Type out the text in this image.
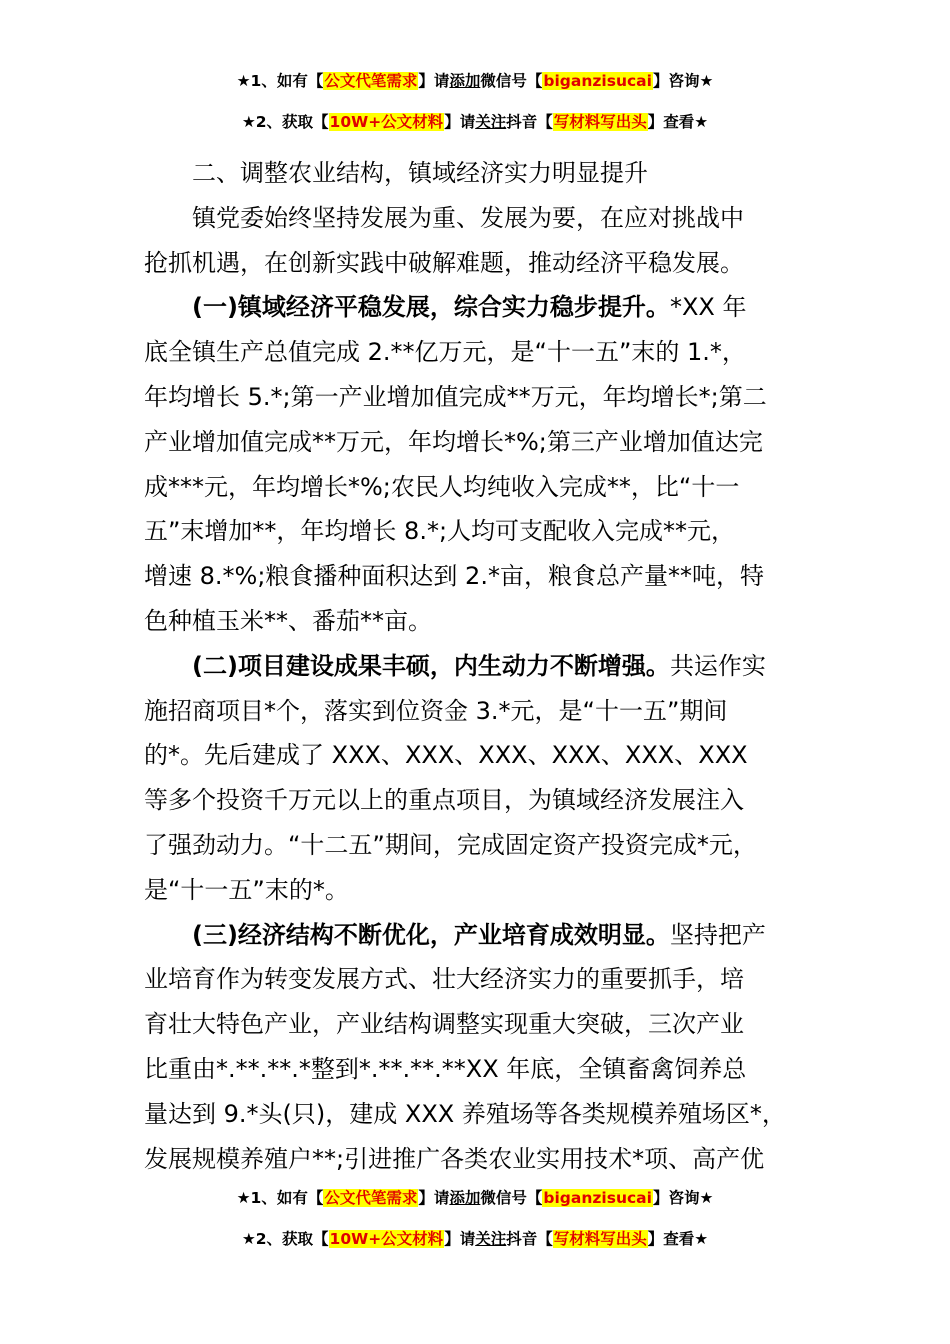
★1、如有【公文代笔需求】请添加微信号【biganzisucai】咨询★
★2、获取【10W+公文材料】请关注抖音【写材料写出头】查看★
二、调整农业结构，镇域经济实力明显提升
镇党委始终坚持发展为重、发展为要，在应对挑战中
抢抓机遇，在创新实践中破解难题，推动经济平稳发展。
(一)镇域经济平稳发展，综合实力稳步提升。*XX 年
底全镇生产总值完成 2.**亿万元，是“十一五”末的 1.*，
年均增长 5.*;第一产业增加值完成**万元，年均增长*;第二
产业增加值完成**万元，年均增长*%;第三产业增加值达完
成***元，年均增长*%;农民人均纯收入完成**，比“十一
五”末增加**，年均增长 8.*;人均可支配收入完成**元，
增速 8.*%;粮食播种面积达到 2.*亩，粮食总产量**吨，特
色种植玉米**、番茄**亩。
(二)项目建设成果丰硕，内生动力不断增强。共运作实
施招商项目*个，落实到位资金 3.*元，是“十一五”期间
的*。先后建成了 XXX、XXX、XXX、XXX、XXX、XXX
等多个投资千万元以上的重点项目，为镇域经济发展注入
了强劲动力。“十二五”期间，完成固定资产投资完成*元，
是“十一五”末的*。
(三)经济结构不断优化，产业培育成效明显。坚持把产
业培育作为转变发展方式、壮大经济实力的重要抓手，培
育壮大特色产业，产业结构调整实现重大突破，三次产业
比重由*.**.**.*整到*.**.**.**XX 年底，全镇畜禽饲养总
量达到 9.*头(只)，建成 XXX 养殖场等各类规模养殖场区*，
发展规模养殖户**;引进推广各类农业实用技术*项、高产优
★1、如有【公文代笔需求】请添加微信号【biganzisucai】咨询★
★2、获取【10W+公文材料】请关注抖音【写材料写出头】查看★
